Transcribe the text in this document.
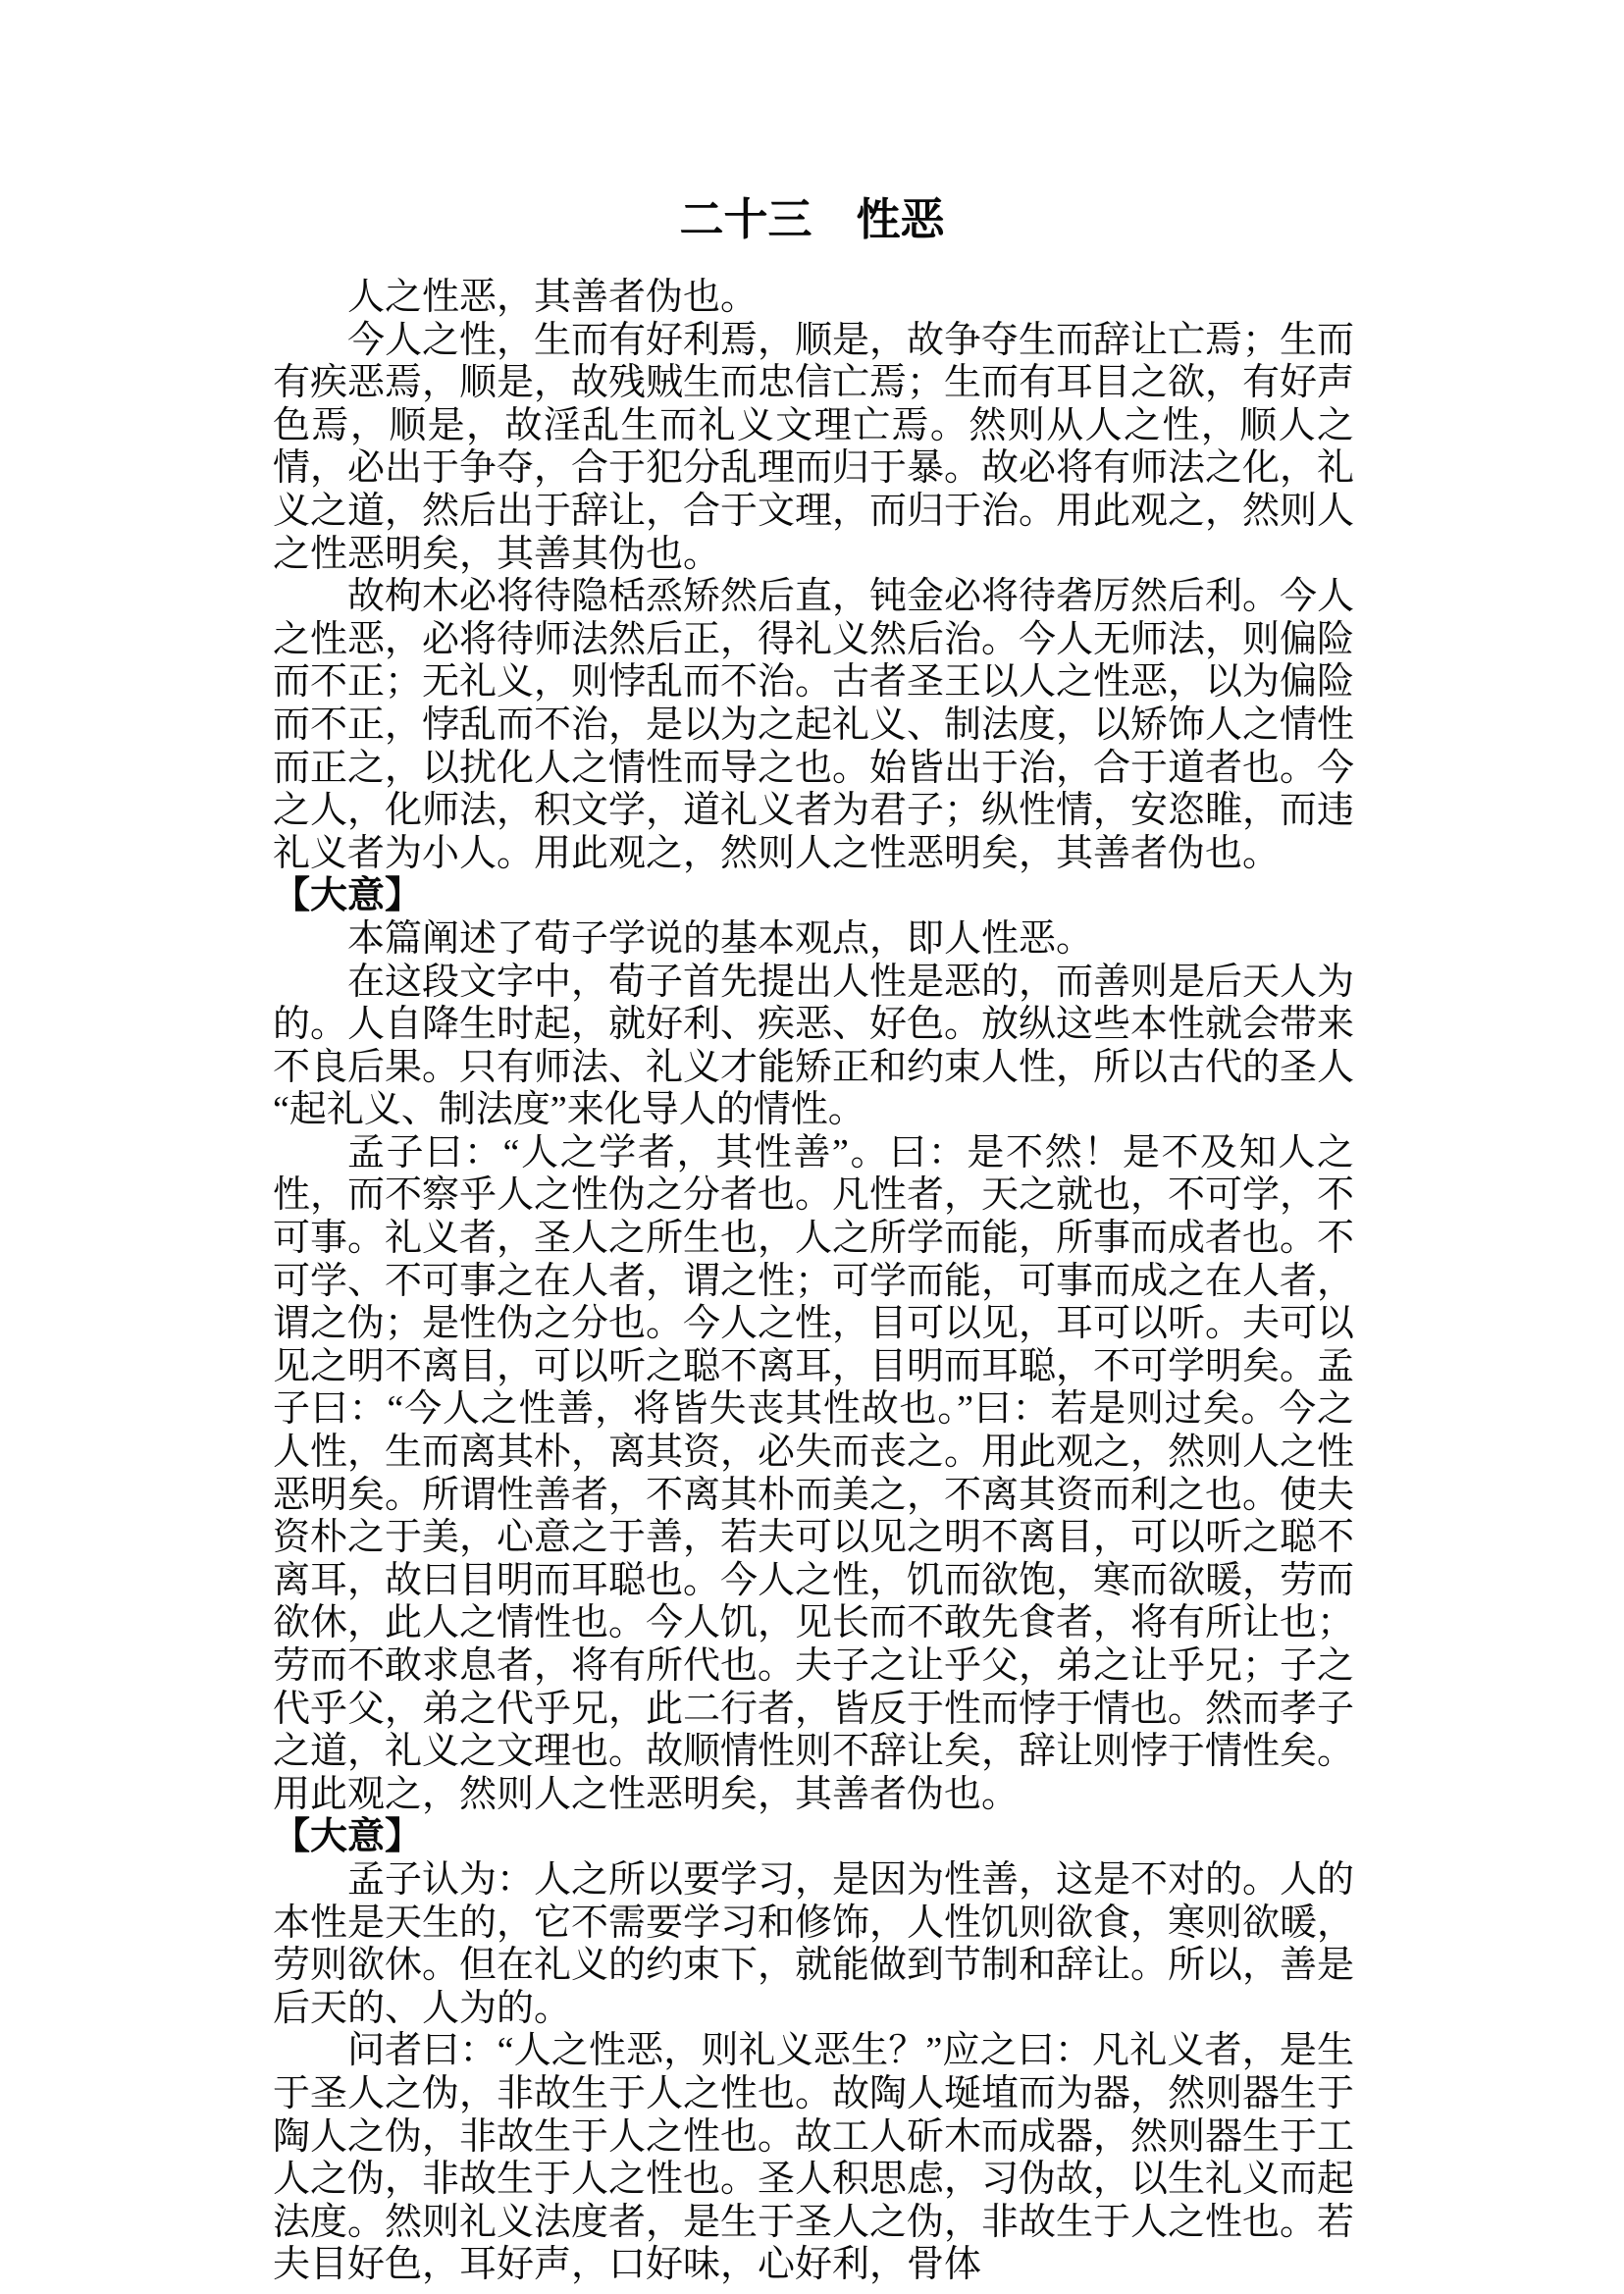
二十三　性恶

人之性恶，其善者伪也。

今人之性，生而有好利焉，顺是，故争夺生而辞让亡焉；生而有疾恶焉，顺是，故残贼生而忠信亡焉；生而有耳目之欲，有好声色焉，顺是，故淫乱生而礼义文理亡焉。然则从人之性，顺人之情，必出于争夺，合于犯分乱理而归于暴。故必将有师法之化，礼义之道，然后出于辞让，合于文理，而归于治。用此观之，然则人之性恶明矣，其善其伪也。

故枸木必将待隐栝烝矫然后直，钝金必将待砻厉然后利。今人之性恶，必将待师法然后正，得礼义然后治。今人无师法，则偏险而不正；无礼义，则悖乱而不治。古者圣王以人之性恶，以为偏险而不正，悖乱而不治，是以为之起礼义、制法度，以矫饰人之情性而正之，以扰化人之情性而导之也。始皆出于治，合于道者也。今之人，化师法，积文学，道礼义者为君子；纵性情，安恣睢，而违礼义者为小人。用此观之，然则人之性恶明矣，其善者伪也。

【大意】

本篇阐述了荀子学说的基本观点，即人性恶。

在这段文字中，荀子首先提出人性是恶的，而善则是后天人为的。人自降生时起，就好利、疾恶、好色。放纵这些本性就会带来不良后果。只有师法、礼义才能矫正和约束人性，所以古代的圣人“起礼义、制法度”来化导人的情性。

孟子曰：“人之学者，其性善”。曰：是不然！是不及知人之性，而不察乎人之性伪之分者也。凡性者，天之就也，不可学，不可事。礼义者，圣人之所生也，人之所学而能，所事而成者也。不可学、不可事之在人者，谓之性；可学而能，可事而成之在人者，谓之伪；是性伪之分也。今人之性，目可以见，耳可以听。夫可以见之明不离目，可以听之聪不离耳，目明而耳聪，不可学明矣。孟子曰：“今人之性善，将皆失丧其性故也。”曰：若是则过矣。今之人性，生而离其朴，离其资，必失而丧之。用此观之，然则人之性恶明矣。所谓性善者，不离其朴而美之，不离其资而利之也。使夫资朴之于美，心意之于善，若夫可以见之明不离目，可以听之聪不离耳，故曰目明而耳聪也。今人之性，饥而欲饱，寒而欲暖，劳而欲休，此人之情性也。今人饥，见长而不敢先食者，将有所让也；劳而不敢求息者，将有所代也。夫子之让乎父，弟之让乎兄；子之代乎父，弟之代乎兄，此二行者，皆反于性而悖于情也。然而孝子之道，礼义之文理也。故顺情性则不辞让矣，辞让则悖于情性矣。用此观之，然则人之性恶明矣，其善者伪也。

【大意】

孟子认为：人之所以要学习，是因为性善，这是不对的。人的本性是天生的，它不需要学习和修饰，人性饥则欲食，寒则欲暖，劳则欲休。但在礼义的约束下，就能做到节制和辞让。所以，善是后天的、人为的。

问者曰：“人之性恶，则礼义恶生？”应之曰：凡礼义者，是生于圣人之伪，非故生于人之性也。故陶人埏埴而为器，然则器生于陶人之伪，非故生于人之性也。故工人斫木而成器，然则器生于工人之伪，非故生于人之性也。圣人积思虑，习伪故，以生礼义而起法度。然则礼义法度者，是生于圣人之伪，非故生于人之性也。若夫目好色，耳好声，口好味，心好利，骨体
